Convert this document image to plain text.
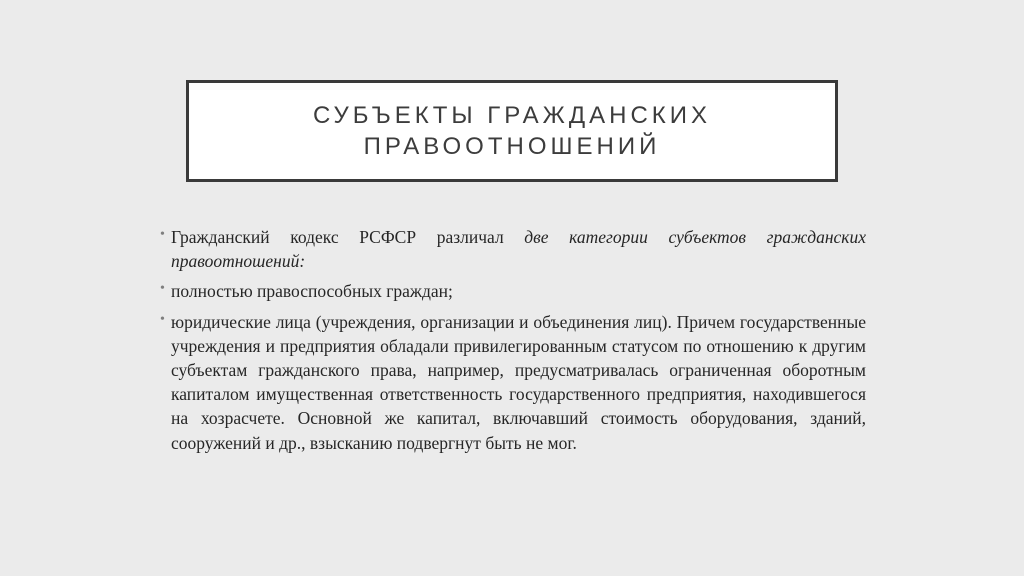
СУБЪЕКТЫ ГРАЖДАНСКИХ
ПРАВООТНОШЕНИЙ
• Гражданский кодекс РСФСР различал две категории субъектов гражданских правоотношений:
• полностью правоспособных граждан;
• юридические лица (учреждения, организации и объединения лиц). Причем государственные учреждения и предприятия обладали привилегированным статусом по отношению к другим субъектам гражданского права, например, предусматривалась ограниченная оборотным капиталом имущественная ответственность государственного предприятия, находившегося на хозрасчете. Основной же капитал, включавший стоимость оборудования, зданий, сооружений и др., взысканию подвергнут быть не мог.
